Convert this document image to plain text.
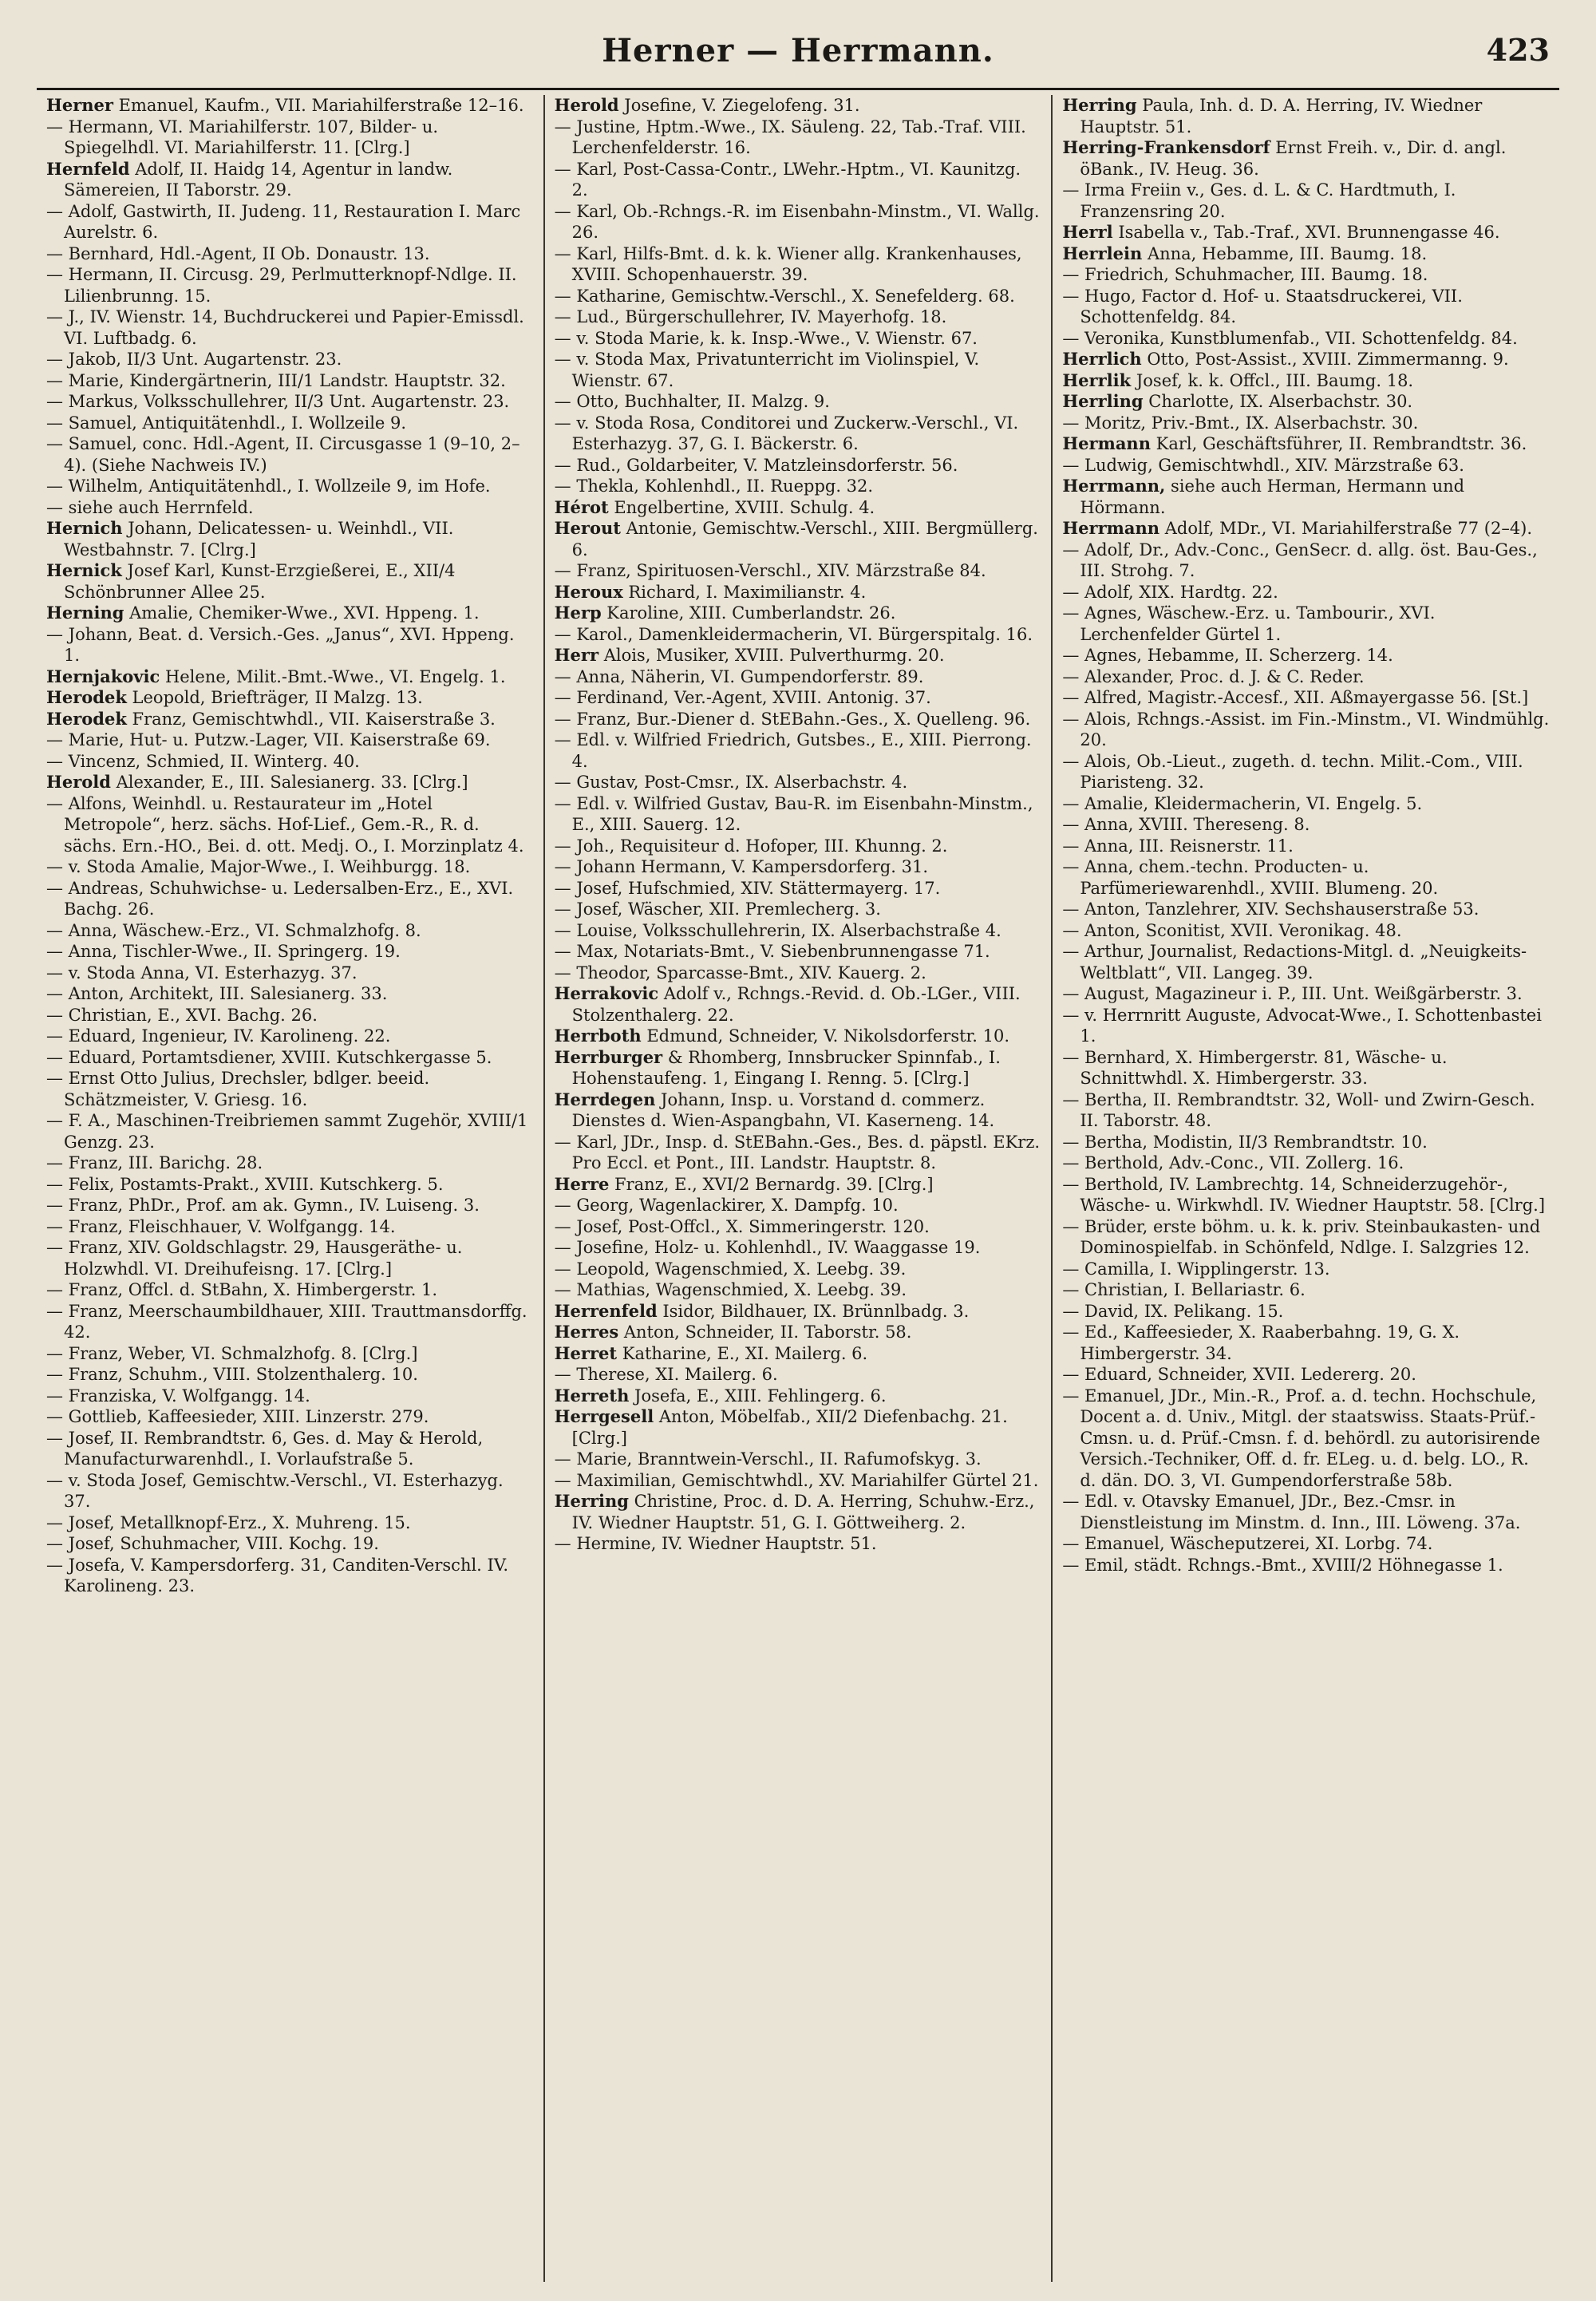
Herner — Herrmann.	423

Herner Emanuel, Kaufm., VII. Mariahilferstraße 12–16.

— Hermann, VI. Mariahilferstr. 107, Bilder- u. Spiegelhdl. VI. Mariahilferstr. 11. [Clrg.]

Hernfeld Adolf, II. Haidg 14, Agentur in landw. Sämereien, II Taborstr. 29.

— Adolf, Gastwirth, II. Judeng. 11, Restauration I. Marc Aurelstr. 6.

— Bernhard, Hdl.-Agent, II Ob. Donaustr. 13.

— Hermann, II. Circusg. 29, Perlmutterknopf-Ndlge. II. Lilienbrunng. 15.

— J., IV. Wienstr. 14, Buchdruckerei und Papier-Emissdl. VI. Luftbadg. 6.

— Jakob, II/3 Unt. Augartenstr. 23.

— Marie, Kindergärtnerin, III/1 Landstr. Hauptstr. 32.

— Markus, Volksschullehrer, II/3 Unt. Augartenstr. 23.

— Samuel, Antiquitätenhdl., I. Wollzeile 9.

— Samuel, conc. Hdl.-Agent, II. Circusgasse 1 (9–10, 2–4). (Siehe Nachweis IV.)

— Wilhelm, Antiquitätenhdl., I. Wollzeile 9, im Hofe.

— siehe auch Herrnfeld.

Hernich Johann, Delicatessen- u. Weinhdl., VII. Westbahnstr. 7. [Clrg.]

Hernick Josef Karl, Kunst-Erzgießerei, E., XII/4 Schönbrunner Allee 25.

Herning Amalie, Chemiker-Wwe., XVI. Hppeng. 1.

— Johann, Beat. d. Versich.-Ges. „Janus“, XVI. Hppeng. 1.

Hernjakovic Helene, Milit.-Bmt.-Wwe., VI. Engelg. 1.

Herodek Leopold, Briefträger, II Malzg. 13.

Herodek Franz, Gemischtwhdl., VII. Kaiserstraße 3.

— Marie, Hut- u. Putzw.-Lager, VII. Kaiserstraße 69.

— Vincenz, Schmied, II. Winterg. 40.

Herold Alexander, E., III. Salesianerg. 33. [Clrg.]

— Alfons, Weinhdl. u. Restaurateur im „Hotel Metropole“, herz. sächs. Hof-Lief., Gem.-R., R. d. sächs. Ern.-HO., Bei. d. ott. Medj. O., I. Morzinplatz 4.

— v. Stoda Amalie, Major-Wwe., I. Weihburgg. 18.

— Andreas, Schuhwichse- u. Ledersalben-Erz., E., XVI. Bachg. 26.

— Anna, Wäschew.-Erz., VI. Schmalzhofg. 8.

— Anna, Tischler-Wwe., II. Springerg. 19.

— v. Stoda Anna, VI. Esterhazyg. 37.

— Anton, Architekt, III. Salesianerg. 33.

— Christian, E., XVI. Bachg. 26.

— Eduard, Ingenieur, IV. Karolineng. 22.

— Eduard, Portamtsdiener, XVIII. Kutschkergasse 5.

— Ernst Otto Julius, Drechsler, bdlger. beeid. Schätzmeister, V. Griesg. 16.

— F. A., Maschinen-Treibriemen sammt Zugehör, XVIII/1 Genzg. 23.

— Franz, III. Barichg. 28.

— Felix, Postamts-Prakt., XVIII. Kutschkerg. 5.

— Franz, PhDr., Prof. am ak. Gymn., IV. Luiseng. 3.

— Franz, Fleischhauer, V. Wolfgangg. 14.

— Franz, XIV. Goldschlagstr. 29, Hausgeräthe- u. Holzwhdl. VI. Dreihufeisng. 17. [Clrg.]

— Franz, Offcl. d. StBahn, X. Himbergerstr. 1.

— Franz, Meerschaumbildhauer, XIII. Trauttmansdorffg. 42.

— Franz, Weber, VI. Schmalzhofg. 8. [Clrg.]

— Franz, Schuhm., VIII. Stolzenthalerg. 10.

— Franziska, V. Wolfgangg. 14.

— Gottlieb, Kaffeesieder, XIII. Linzerstr. 279.

— Josef, II. Rembrandtstr. 6, Ges. d. May & Herold, Manufacturwarenhdl., I. Vorlaufstraße 5.

— v. Stoda Josef, Gemischtw.-Verschl., VI. Esterhazyg. 37.

— Josef, Metallknopf-Erz., X. Muhreng. 15.

— Josef, Schuhmacher, VIII. Kochg. 19.

— Josefa, V. Kampersdorferg. 31, Canditen-Verschl. IV. Karolineng. 23.

Herold Josefine, V. Ziegelofeng. 31.

— Justine, Hptm.-Wwe., IX. Säuleng. 22, Tab.-Traf. VIII. Lerchenfelderstr. 16.

— Karl, Post-Cassa-Contr., LWehr.-Hptm., VI. Kaunitzg. 2.

— Karl, Ob.-Rchngs.-R. im Eisenbahn-Minstm., VI. Wallg. 26.

— Karl, Hilfs-Bmt. d. k. k. Wiener allg. Krankenhauses, XVIII. Schopenhauerstr. 39.

— Katharine, Gemischtw.-Verschl., X. Senefelderg. 68.

— Lud., Bürgerschullehrer, IV. Mayerhofg. 18.

— v. Stoda Marie, k. k. Insp.-Wwe., V. Wienstr. 67.

— v. Stoda Max, Privatunterricht im Violinspiel, V. Wienstr. 67.

— Otto, Buchhalter, II. Malzg. 9.

— v. Stoda Rosa, Conditorei und Zuckerw.-Verschl., VI. Esterhazyg. 37, G. I. Bäckerstr. 6.

— Rud., Goldarbeiter, V. Matzleinsdorferstr. 56.

— Thekla, Kohlenhdl., II. Rueppg. 32.

Hérot Engelbertine, XVIII. Schulg. 4.

Herout Antonie, Gemischtw.-Verschl., XIII. Bergmüllerg. 6.

— Franz, Spirituosen-Verschl., XIV. Märzstraße 84.

Heroux Richard, I. Maximilianstr. 4.

Herp Karoline, XIII. Cumberlandstr. 26.

— Karol., Damenkleidermacherin, VI. Bürgerspitalg. 16.

Herr Alois, Musiker, XVIII. Pulverthurmg. 20.

— Anna, Näherin, VI. Gumpendorferstr. 89.

— Ferdinand, Ver.-Agent, XVIII. Antonig. 37.

— Franz, Bur.-Diener d. StEBahn.-Ges., X. Quelleng. 96.

— Edl. v. Wilfried Friedrich, Gutsbes., E., XIII. Pierrong. 4.

— Gustav, Post-Cmsr., IX. Alserbachstr. 4.

— Edl. v. Wilfried Gustav, Bau-R. im Eisenbahn-Minstm., E., XIII. Sauerg. 12.

— Joh., Requisiteur d. Hofoper, III. Khunng. 2.

— Johann Hermann, V. Kampersdorferg. 31.

— Josef, Hufschmied, XIV. Stättermayerg. 17.

— Josef, Wäscher, XII. Premlecherg. 3.

— Louise, Volksschullehrerin, IX. Alserbachstraße 4.

— Max, Notariats-Bmt., V. Siebenbrunnengasse 71.

— Theodor, Sparcasse-Bmt., XIV. Kauerg. 2.

Herrakovic Adolf v., Rchngs.-Revid. d. Ob.-LGer., VIII. Stolzenthalerg. 22.

Herrboth Edmund, Schneider, V. Nikolsdorferstr. 10.

Herrburger & Rhomberg, Innsbrucker Spinnfab., I. Hohenstaufeng. 1, Eingang I. Renng. 5. [Clrg.]

Herrdegen Johann, Insp. u. Vorstand d. commerz. Dienstes d. Wien-Aspangbahn, VI. Kaserneng. 14.

— Karl, JDr., Insp. d. StEBahn.-Ges., Bes. d. päpstl. EKrz. Pro Eccl. et Pont., III. Landstr. Hauptstr. 8.

Herre Franz, E., XVI/2 Bernardg. 39. [Clrg.]

— Georg, Wagenlackirer, X. Dampfg. 10.

— Josef, Post-Offcl., X. Simmeringerstr. 120.

— Josefine, Holz- u. Kohlenhdl., IV. Waaggasse 19.

— Leopold, Wagenschmied, X. Leebg. 39.

— Mathias, Wagenschmied, X. Leebg. 39.

Herrenfeld Isidor, Bildhauer, IX. Brünnlbadg. 3.

Herres Anton, Schneider, II. Taborstr. 58.

Herret Katharine, E., XI. Mailerg. 6.

— Therese, XI. Mailerg. 6.

Herreth Josefa, E., XIII. Fehlingerg. 6.

Herrgesell Anton, Möbelfab., XII/2 Diefenbachg. 21. [Clrg.]

— Marie, Branntwein-Verschl., II. Rafumofskyg. 3.

— Maximilian, Gemischtwhdl., XV. Mariahilfer Gürtel 21.

Herring Christine, Proc. d. D. A. Herring, Schuhw.-Erz., IV. Wiedner Hauptstr. 51, G. I. Göttweiherg. 2.

— Hermine, IV. Wiedner Hauptstr. 51.

Herring Paula, Inh. d. D. A. Herring, IV. Wiedner Hauptstr. 51.

Herring-Frankensdorf Ernst Freih. v., Dir. d. angl. öBank., IV. Heug. 36.

— Irma Freiin v., Ges. d. L. & C. Hardtmuth, I. Franzensring 20.

Herrl Isabella v., Tab.-Traf., XVI. Brunnengasse 46.

Herrlein Anna, Hebamme, III. Baumg. 18.

— Friedrich, Schuhmacher, III. Baumg. 18.

— Hugo, Factor d. Hof- u. Staatsdruckerei, VII. Schottenfeldg. 84.

— Veronika, Kunstblumenfab., VII. Schottenfeldg. 84.

Herrlich Otto, Post-Assist., XVIII. Zimmermanng. 9.

Herrlik Josef, k. k. Offcl., III. Baumg. 18.

Herrling Charlotte, IX. Alserbachstr. 30.

— Moritz, Priv.-Bmt., IX. Alserbachstr. 30.

Hermann Karl, Geschäftsführer, II. Rembrandtstr. 36.

— Ludwig, Gemischtwhdl., XIV. Märzstraße 63.

Herrmann, siehe auch Herman, Hermann und Hörmann.

Herrmann Adolf, MDr., VI. Mariahilferstraße 77 (2–4).

— Adolf, Dr., Adv.-Conc., GenSecr. d. allg. öst. Bau-Ges., III. Strohg. 7.

— Adolf, XIX. Hardtg. 22.

— Agnes, Wäschew.-Erz. u. Tambourir., XVI. Lerchenfelder Gürtel 1.

— Agnes, Hebamme, II. Scherzerg. 14.

— Alexander, Proc. d. J. & C. Reder.

— Alfred, Magistr.-Accesf., XII. Aßmayergasse 56. [St.]

— Alois, Rchngs.-Assist. im Fin.-Minstm., VI. Windmühlg. 20.

— Alois, Ob.-Lieut., zugeth. d. techn. Milit.-Com., VIII. Piaristeng. 32.

— Amalie, Kleidermacherin, VI. Engelg. 5.

— Anna, XVIII. Thereseng. 8.

— Anna, III. Reisnerstr. 11.

— Anna, chem.-techn. Producten- u. Parfümeriewarenhdl., XVIII. Blumeng. 20.

— Anton, Tanzlehrer, XIV. Sechshauserstraße 53.

— Anton, Sconitist, XVII. Veronikag. 48.

— Arthur, Journalist, Redactions-Mitgl. d. „Neuigkeits-Weltblatt“, VII. Langeg. 39.

— August, Magazineur i. P., III. Unt. Weißgärberstr. 3.

— v. Herrnritt Auguste, Advocat-Wwe., I. Schottenbastei 1.

— Bernhard, X. Himbergerstr. 81, Wäsche- u. Schnittwhdl. X. Himbergerstr. 33.

— Bertha, II. Rembrandtstr. 32, Woll- und Zwirn-Gesch. II. Taborstr. 48.

— Bertha, Modistin, II/3 Rembrandtstr. 10.

— Berthold, Adv.-Conc., VII. Zollerg. 16.

— Berthold, IV. Lambrechtg. 14, Schneiderzugehör-, Wäsche- u. Wirkwhdl. IV. Wiedner Hauptstr. 58. [Clrg.]

— Brüder, erste böhm. u. k. k. priv. Steinbaukasten- und Dominospielfab. in Schönfeld, Ndlge. I. Salzgries 12.

— Camilla, I. Wipplingerstr. 13.

— Christian, I. Bellariastr. 6.

— David, IX. Pelikang. 15.

— Ed., Kaffeesieder, X. Raaberbahng. 19, G. X. Himbergerstr. 34.

— Eduard, Schneider, XVII. Ledererg. 20.

— Emanuel, JDr., Min.-R., Prof. a. d. techn. Hochschule, Docent a. d. Univ., Mitgl. der staatswiss. Staats-Prüf.-Cmsn. u. d. Prüf.-Cmsn. f. d. behördl. zu autorisirende Versich.-Techniker, Off. d. fr. ELeg. u. d. belg. LO., R. d. dän. DO. 3, VI. Gumpendorferstraße 58b.

— Edl. v. Otavsky Emanuel, JDr., Bez.-Cmsr. in Dienstleistung im Minstm. d. Inn., III. Löweng. 37a.

— Emanuel, Wäscheputzerei, XI. Lorbg. 74.

— Emil, städt. Rchngs.-Bmt., XVIII/2 Höhnegasse 1.
